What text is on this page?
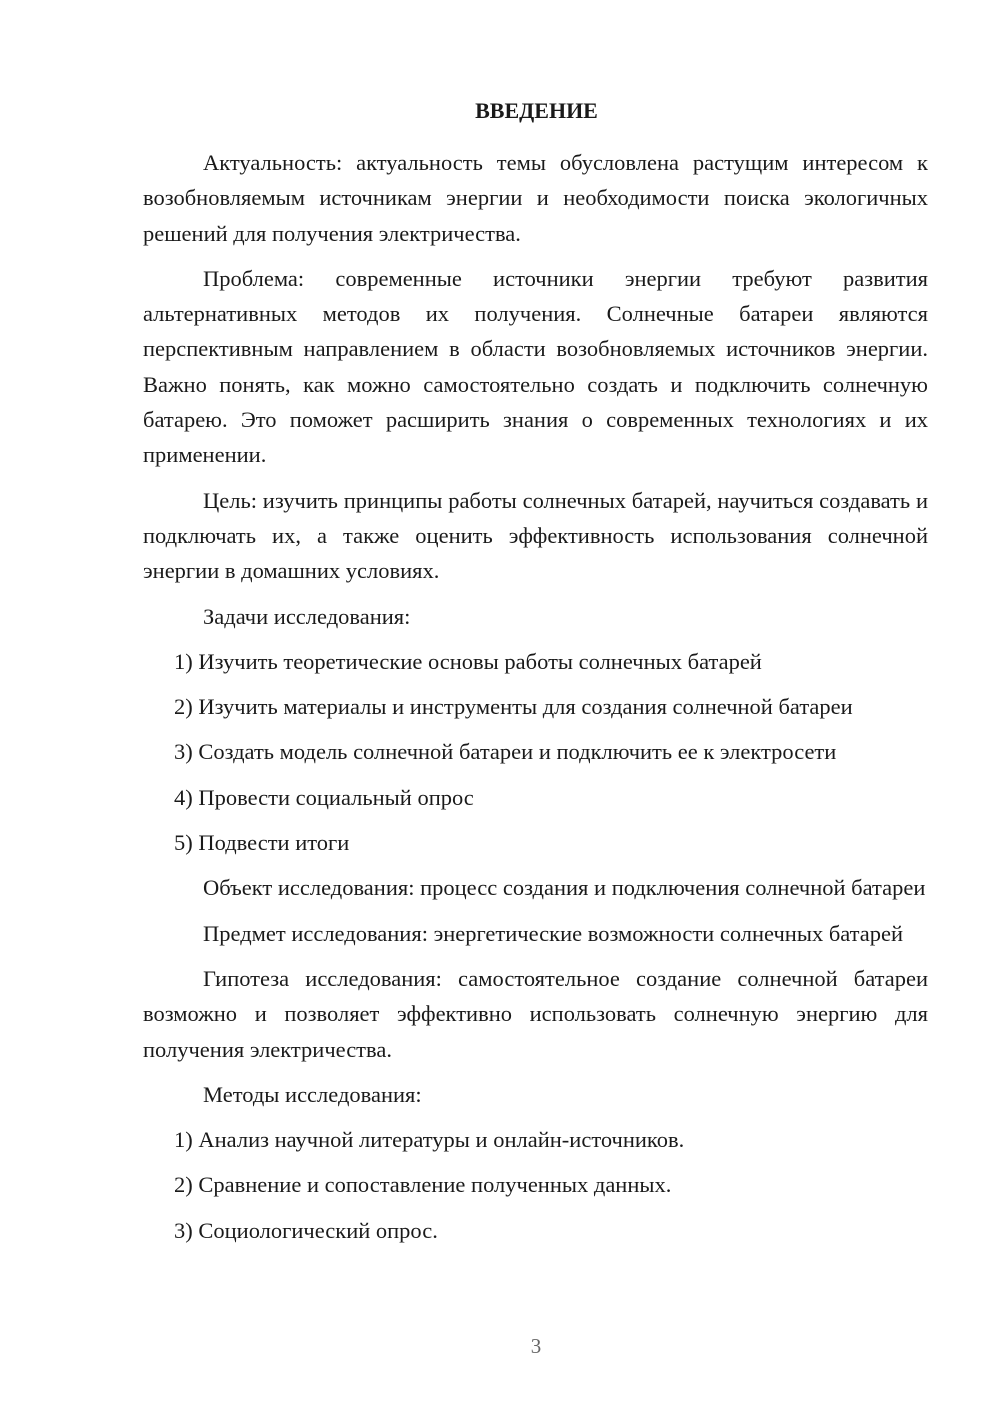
ВВЕДЕНИЕ

Актуальность: актуальность темы обусловлена растущим интересом к возобновляемым источникам энергии и необходимости поиска экологичных решений для получения электричества.

Проблема: современные источники энергии требуют развития альтернативных методов их получения. Солнечные батареи являются перспективным направлением в области возобновляемых источников энергии. Важно понять, как можно самостоятельно создать и подключить солнечную батарею. Это поможет расширить знания о современных технологиях и их применении.

Цель: изучить принципы работы солнечных батарей, научиться создавать и подключать их, а также оценить эффективность использования солнечной энергии в домашних условиях.

Задачи исследования:

1) Изучить теоретические основы работы солнечных батарей

2) Изучить материалы и инструменты для создания солнечной батареи

3) Создать модель солнечной батареи и подключить ее к электросети

4) Провести социальный опрос

5) Подвести итоги

Объект исследования: процесс создания и подключения солнечной батареи

Предмет исследования: энергетические возможности солнечных батарей

Гипотеза исследования: самостоятельное создание солнечной батареи возможно и позволяет эффективно использовать солнечную энергию для получения электричества.

Методы исследования:

1) Анализ научной литературы и онлайн-источников.

2) Сравнение и сопоставление полученных данных.

3) Социологический опрос.

3
